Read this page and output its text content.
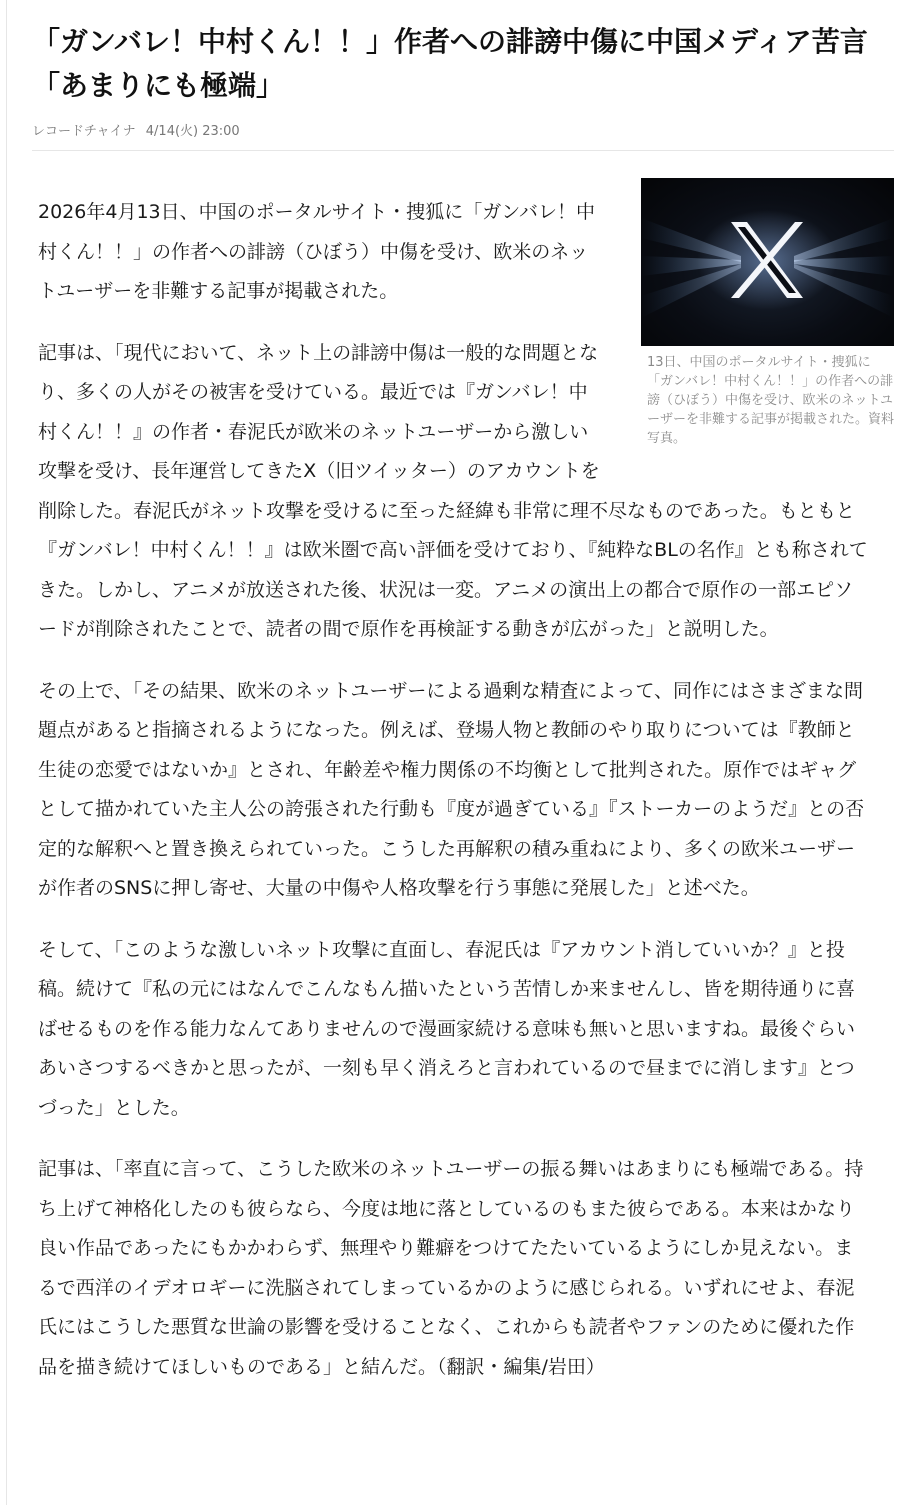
「ガンバレ！中村くん！！」作者への誹謗中傷に中国メディア苦言「あまりにも極端」
レコードチャイナ 4/14(火) 23:00
13日、中国のポータルサイト・捜狐に「ガンバレ！中村くん！！」の作者への誹謗（ひぼう）中傷を受け、欧米のネットユーザーを非難する記事が掲載された。資料写真。

2026年4月13日、中国のポータルサイト・捜狐に「ガンバレ！中村くん！！」の作者への誹謗（ひぼう）中傷を受け、欧米のネットユーザーを非難する記事が掲載された。

記事は、「現代において、ネット上の誹謗中傷は一般的な問題となり、多くの人がその被害を受けている。最近では『ガンバレ！中村くん！！』の作者・春泥氏が欧米のネットユーザーから激しい攻撃を受け、長年運営してきたX（旧ツイッター）のアカウントを削除した。春泥氏がネット攻撃を受けるに至った経緯も非常に理不尽なものであった。もともと『ガンバレ！中村くん！！』は欧米圏で高い評価を受けており、『純粋なBLの名作』とも称されてきた。しかし、アニメが放送された後、状況は一変。アニメの演出上の都合で原作の一部エピソードが削除されたことで、読者の間で原作を再検証する動きが広がった」と説明した。

その上で、「その結果、欧米のネットユーザーによる過剰な精査によって、同作にはさまざまな問題点があると指摘されるようになった。例えば、登場人物と教師のやり取りについては『教師と生徒の恋愛ではないか』とされ、年齢差や権力関係の不均衡として批判された。原作ではギャグとして描かれていた主人公の誇張された行動も『度が過ぎている』『ストーカーのようだ』との否定的な解釈へと置き換えられていった。こうした再解釈の積み重ねにより、多くの欧米ユーザーが作者のSNSに押し寄せ、大量の中傷や人格攻撃を行う事態に発展した」と述べた。

そして、「このような激しいネット攻撃に直面し、春泥氏は『アカウント消していいか？』と投稿。続けて『私の元にはなんでこんなもん描いたという苦情しか来ませんし、皆を期待通りに喜ばせるものを作る能力なんてありませんので漫画家続ける意味も無いと思いますね。最後ぐらいあいさつするべきかと思ったが、一刻も早く消えろと言われているので昼までに消します』とつづった」とした。

記事は、「率直に言って、こうした欧米のネットユーザーの振る舞いはあまりにも極端である。持ち上げて神格化したのも彼らなら、今度は地に落としているのもまた彼らである。本来はかなり良い作品であったにもかかわらず、無理やり難癖をつけてたたいているようにしか見えない。まるで西洋のイデオロギーに洗脳されてしまっているかのように感じられる。いずれにせよ、春泥氏にはこうした悪質な世論の影響を受けることなく、これからも読者やファンのために優れた作品を描き続けてほしいものである」と結んだ。（翻訳・編集/岩田）
